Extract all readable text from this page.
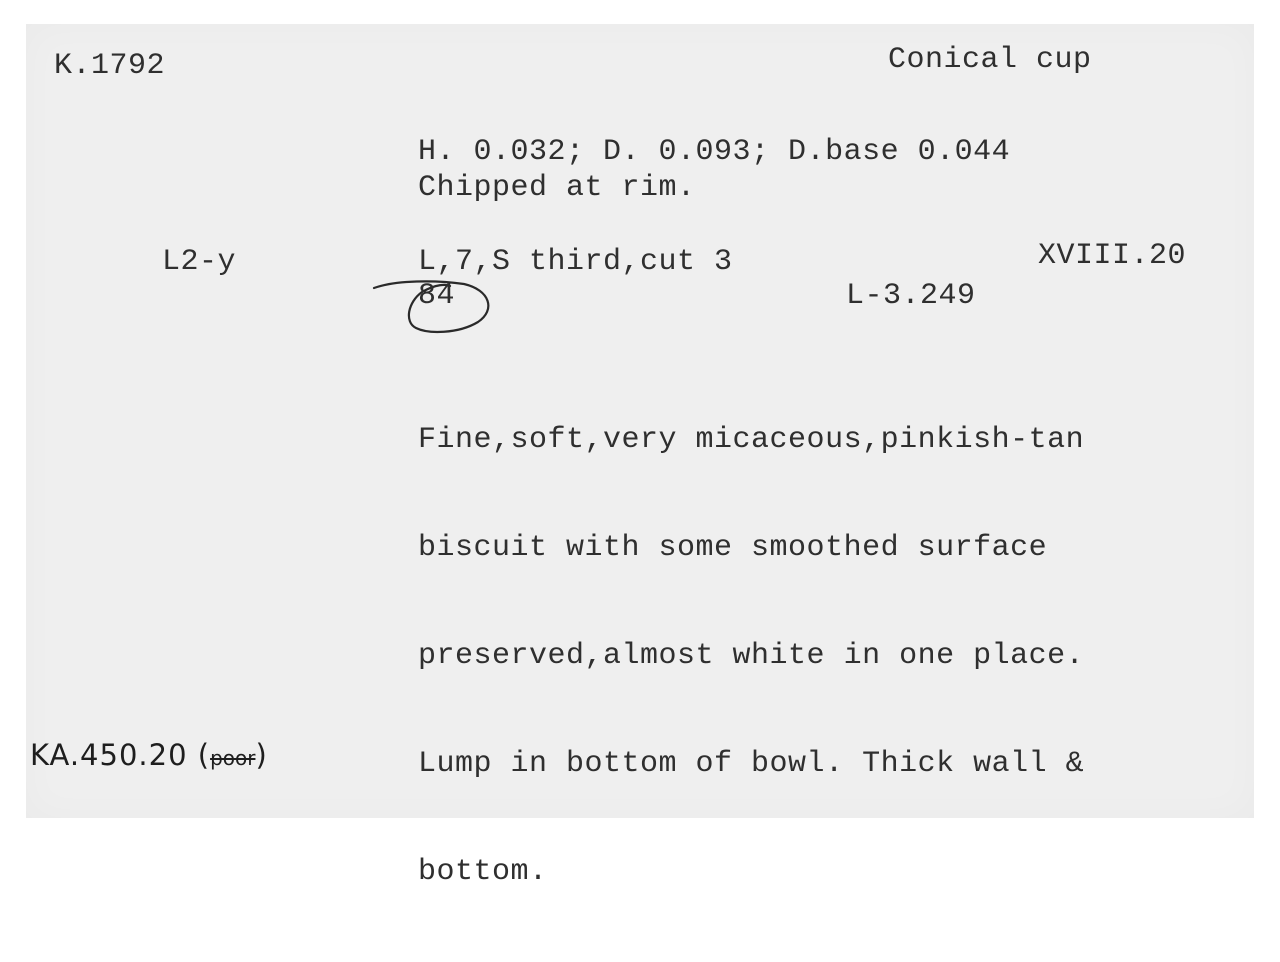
K.1792	Conical cup
H. 0.032; D. 0.093; D.base 0.044
Chipped at rim.
L2-y	L,7,S third,cut 3	XVIII.20
84	L-3.249

Fine,soft,very micaceous,pinkish-tan

biscuit with some smoothed surface

preserved,almost white in one place.

Lump in bottom of bowl. Thick wall &

bottom.

KA.450.20 (poor)
